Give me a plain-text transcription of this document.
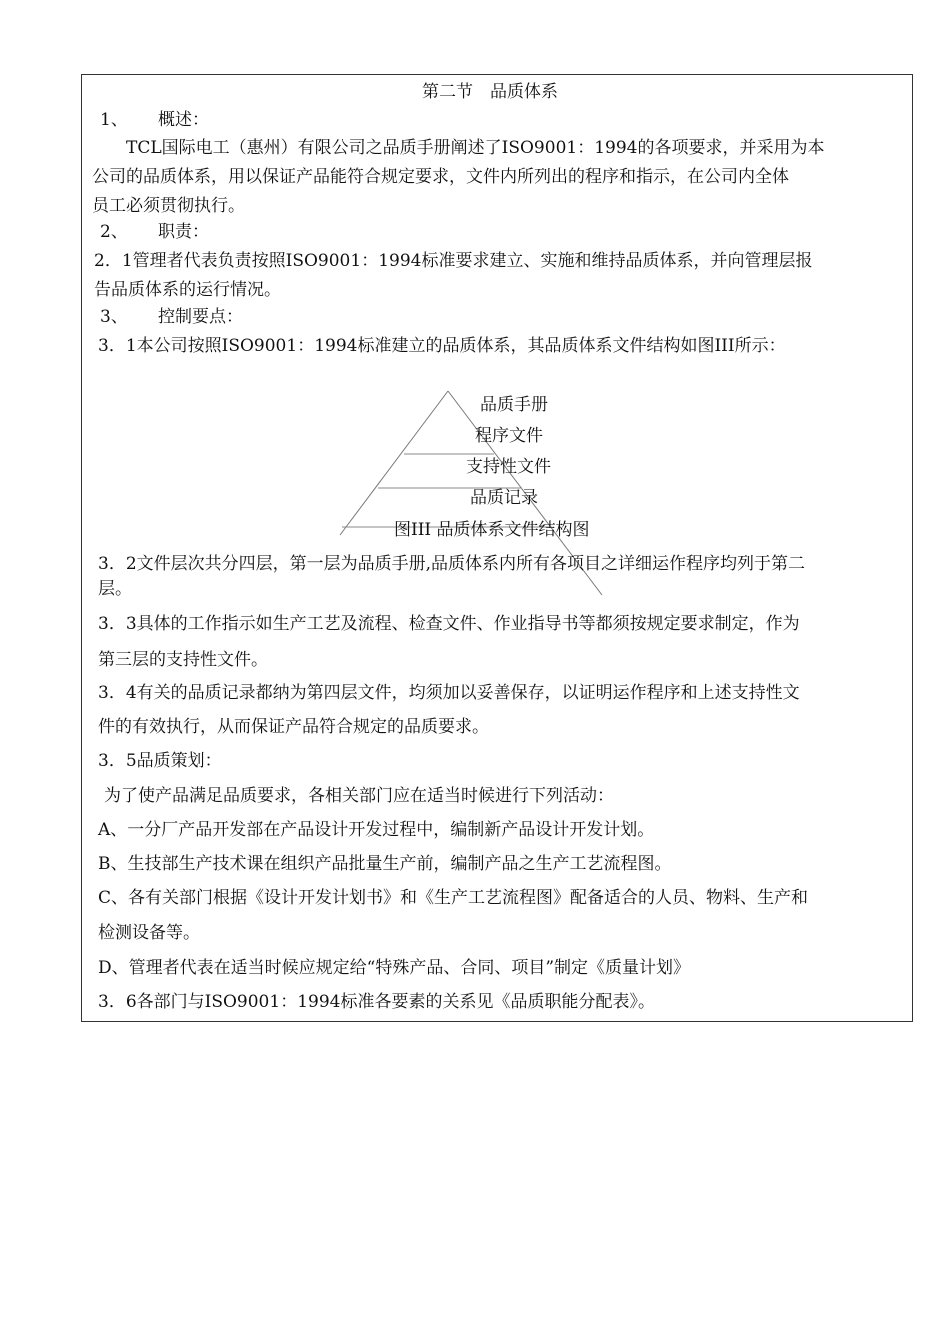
第二节　品质体系
1、 概述：
TCL国际电工（惠州）有限公司之品质手册阐述了ISO9001：1994的各项要求，并采用为本
公司的品质体系，用以保证产品能符合规定要求，文件内所列出的程序和指示，在公司内全体
员工必须贯彻执行。
2、 职责：
2．1管理者代表负责按照ISO9001：1994标准要求建立、实施和维持品质体系，并向管理层报
告品质体系的运行情况。
3、 控制要点：
3．1本公司按照ISO9001：1994标准建立的品质体系，其品质体系文件结构如图III所示：
品质手册
程序文件
支持性文件
品质记录
图III 品质体系文件结构图
3．2文件层次共分四层，第一层为品质手册,品质体系内所有各项目之详细运作程序均列于第二
层。
3．3具体的工作指示如生产工艺及流程、检查文件、作业指导书等都须按规定要求制定，作为
第三层的支持性文件。
3．4有关的品质记录都纳为第四层文件，均须加以妥善保存，以证明运作程序和上述支持性文
件的有效执行，从而保证产品符合规定的品质要求。
3．5品质策划：
为了使产品满足品质要求，各相关部门应在适当时候进行下列活动：
A、一分厂产品开发部在产品设计开发过程中，编制新产品设计开发计划。
B、生技部生产技术课在组织产品批量生产前，编制产品之生产工艺流程图。
C、各有关部门根据《设计开发计划书》和《生产工艺流程图》配备适合的人员、物料、生产和
检测设备等。
D、管理者代表在适当时候应规定给“特殊产品、合同、项目”制定《质量计划》
3．6各部门与ISO9001：1994标准各要素的关系见《品质职能分配表》。
